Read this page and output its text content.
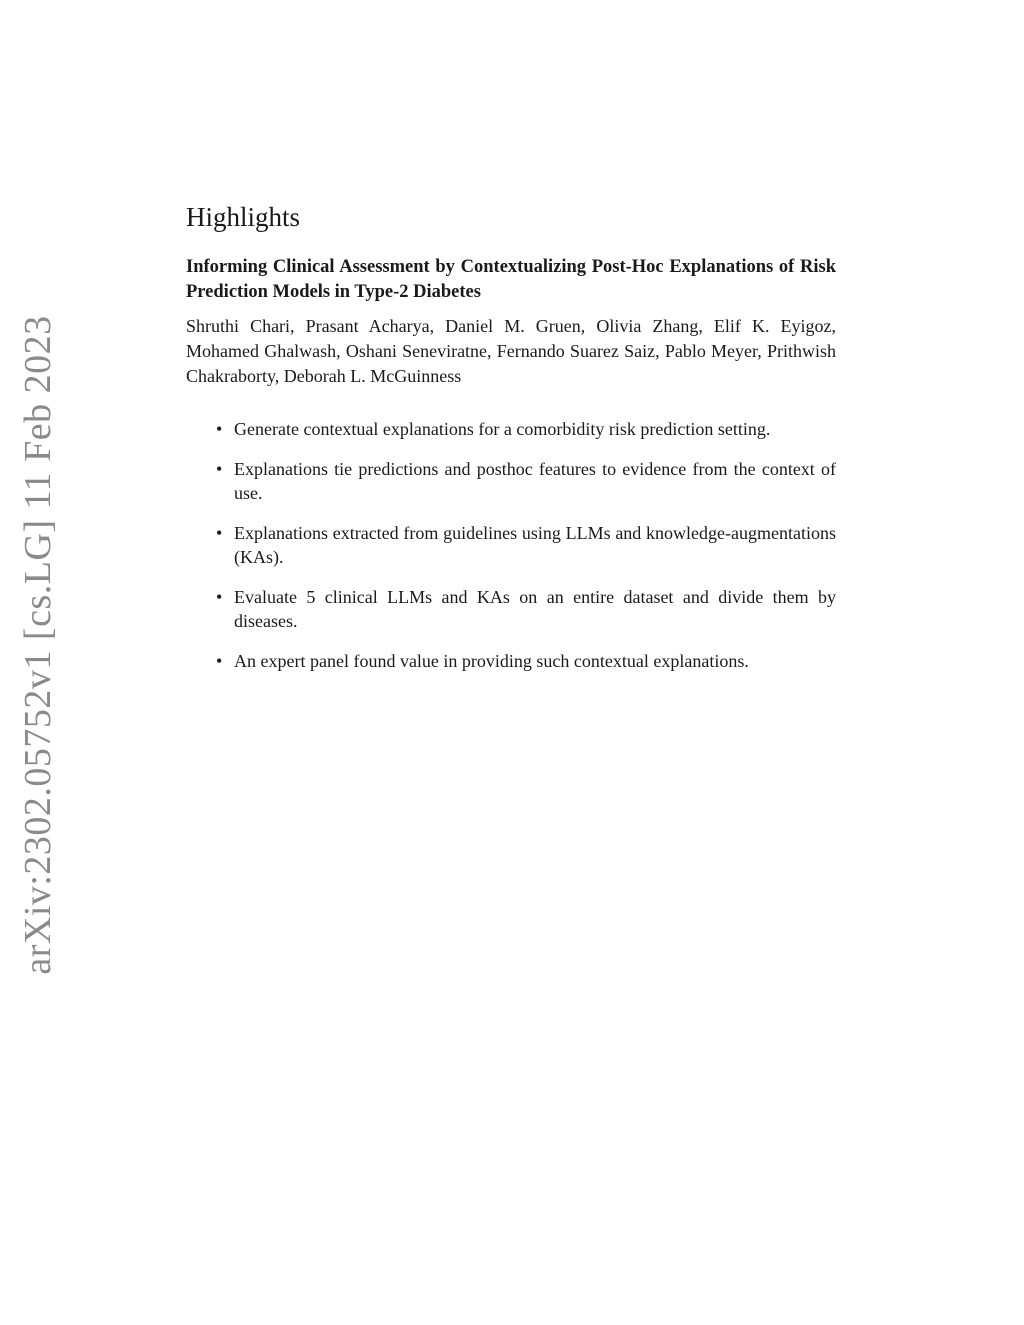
arXiv:2302.05752v1 [cs.LG] 11 Feb 2023
Highlights
Informing Clinical Assessment by Contextualizing Post-Hoc Explanations of Risk Prediction Models in Type-2 Diabetes
Shruthi Chari, Prasant Acharya, Daniel M. Gruen, Olivia Zhang, Elif K. Eyigoz, Mohamed Ghalwash, Oshani Seneviratne, Fernando Suarez Saiz, Pablo Meyer, Prithwish Chakraborty, Deborah L. McGuinness
• Generate contextual explanations for a comorbidity risk prediction setting.
• Explanations tie predictions and posthoc features to evidence from the context of use.
• Explanations extracted from guidelines using LLMs and knowledge-augmentations (KAs).
• Evaluate 5 clinical LLMs and KAs on an entire dataset and divide them by diseases.
• An expert panel found value in providing such contextual explanations.
